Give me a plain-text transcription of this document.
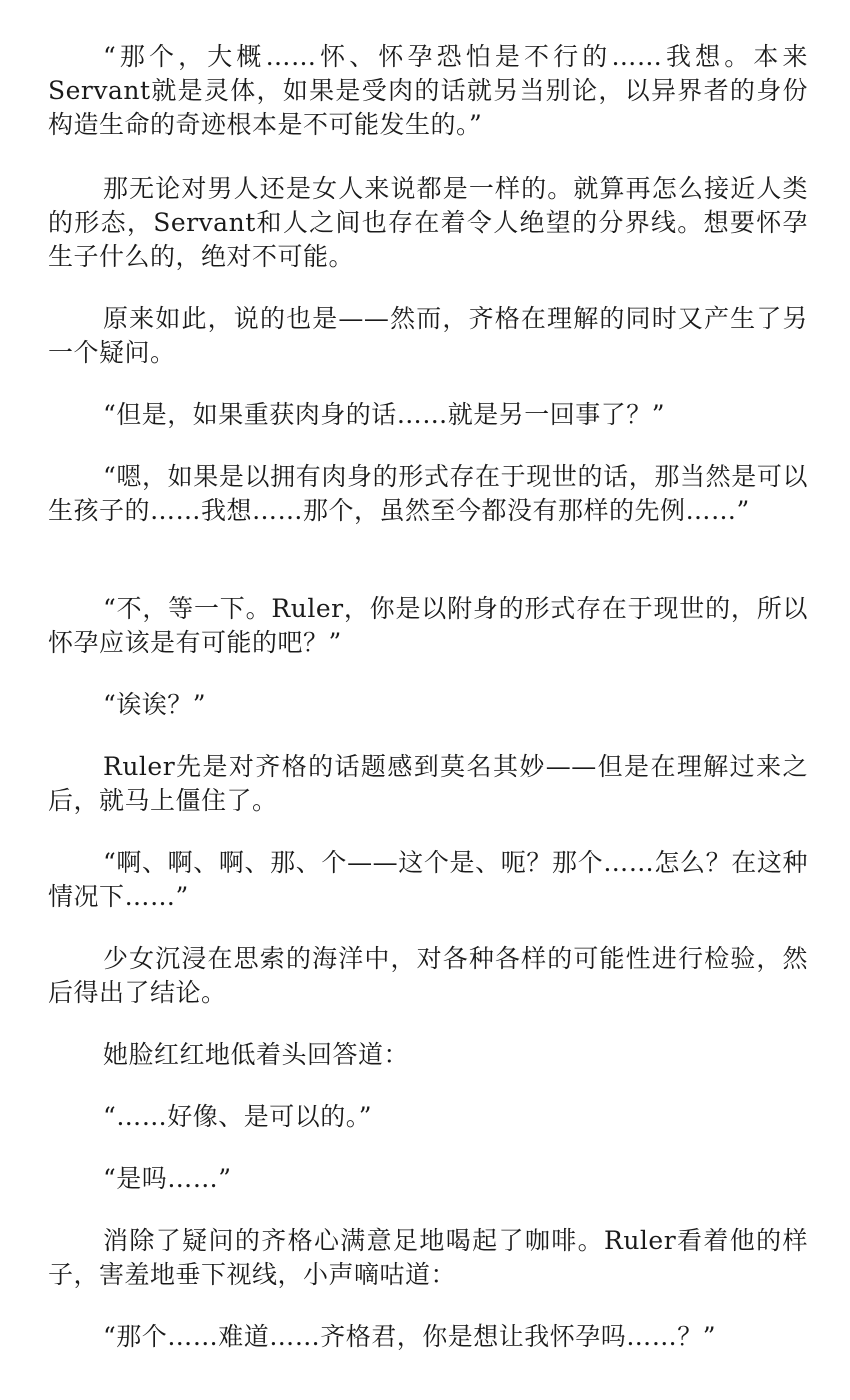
“那个，大概……怀、怀孕恐怕是不行的……我想。本来Servant就是灵体，如果是受肉的话就另当别论，以异界者的身份构造生命的奇迹根本是不可能发生的。”

那无论对男人还是女人来说都是一样的。就算再怎么接近人类的形态，Servant和人之间也存在着令人绝望的分界线。想要怀孕生子什么的，绝对不可能。

原来如此，说的也是——然而，齐格在理解的同时又产生了另一个疑问。

“但是，如果重获肉身的话……就是另一回事了？”

“嗯，如果是以拥有肉身的形式存在于现世的话，那当然是可以生孩子的……我想……那个，虽然至今都没有那样的先例……”

“不，等一下。Ruler，你是以附身的形式存在于现世的，所以怀孕应该是有可能的吧？”

“诶诶？”

Ruler先是对齐格的话题感到莫名其妙——但是在理解过来之后，就马上僵住了。

“啊、啊、啊、那、个——这个是、呃？那个……怎么？在这种情况下……”

少女沉浸在思索的海洋中，对各种各样的可能性进行检验，然后得出了结论。

她脸红红地低着头回答道：

“……好像、是可以的。”

“是吗……”

消除了疑问的齐格心满意足地喝起了咖啡。Ruler看着他的样子，害羞地垂下视线，小声嘀咕道：

“那个……难道……齐格君，你是想让我怀孕吗……？”
